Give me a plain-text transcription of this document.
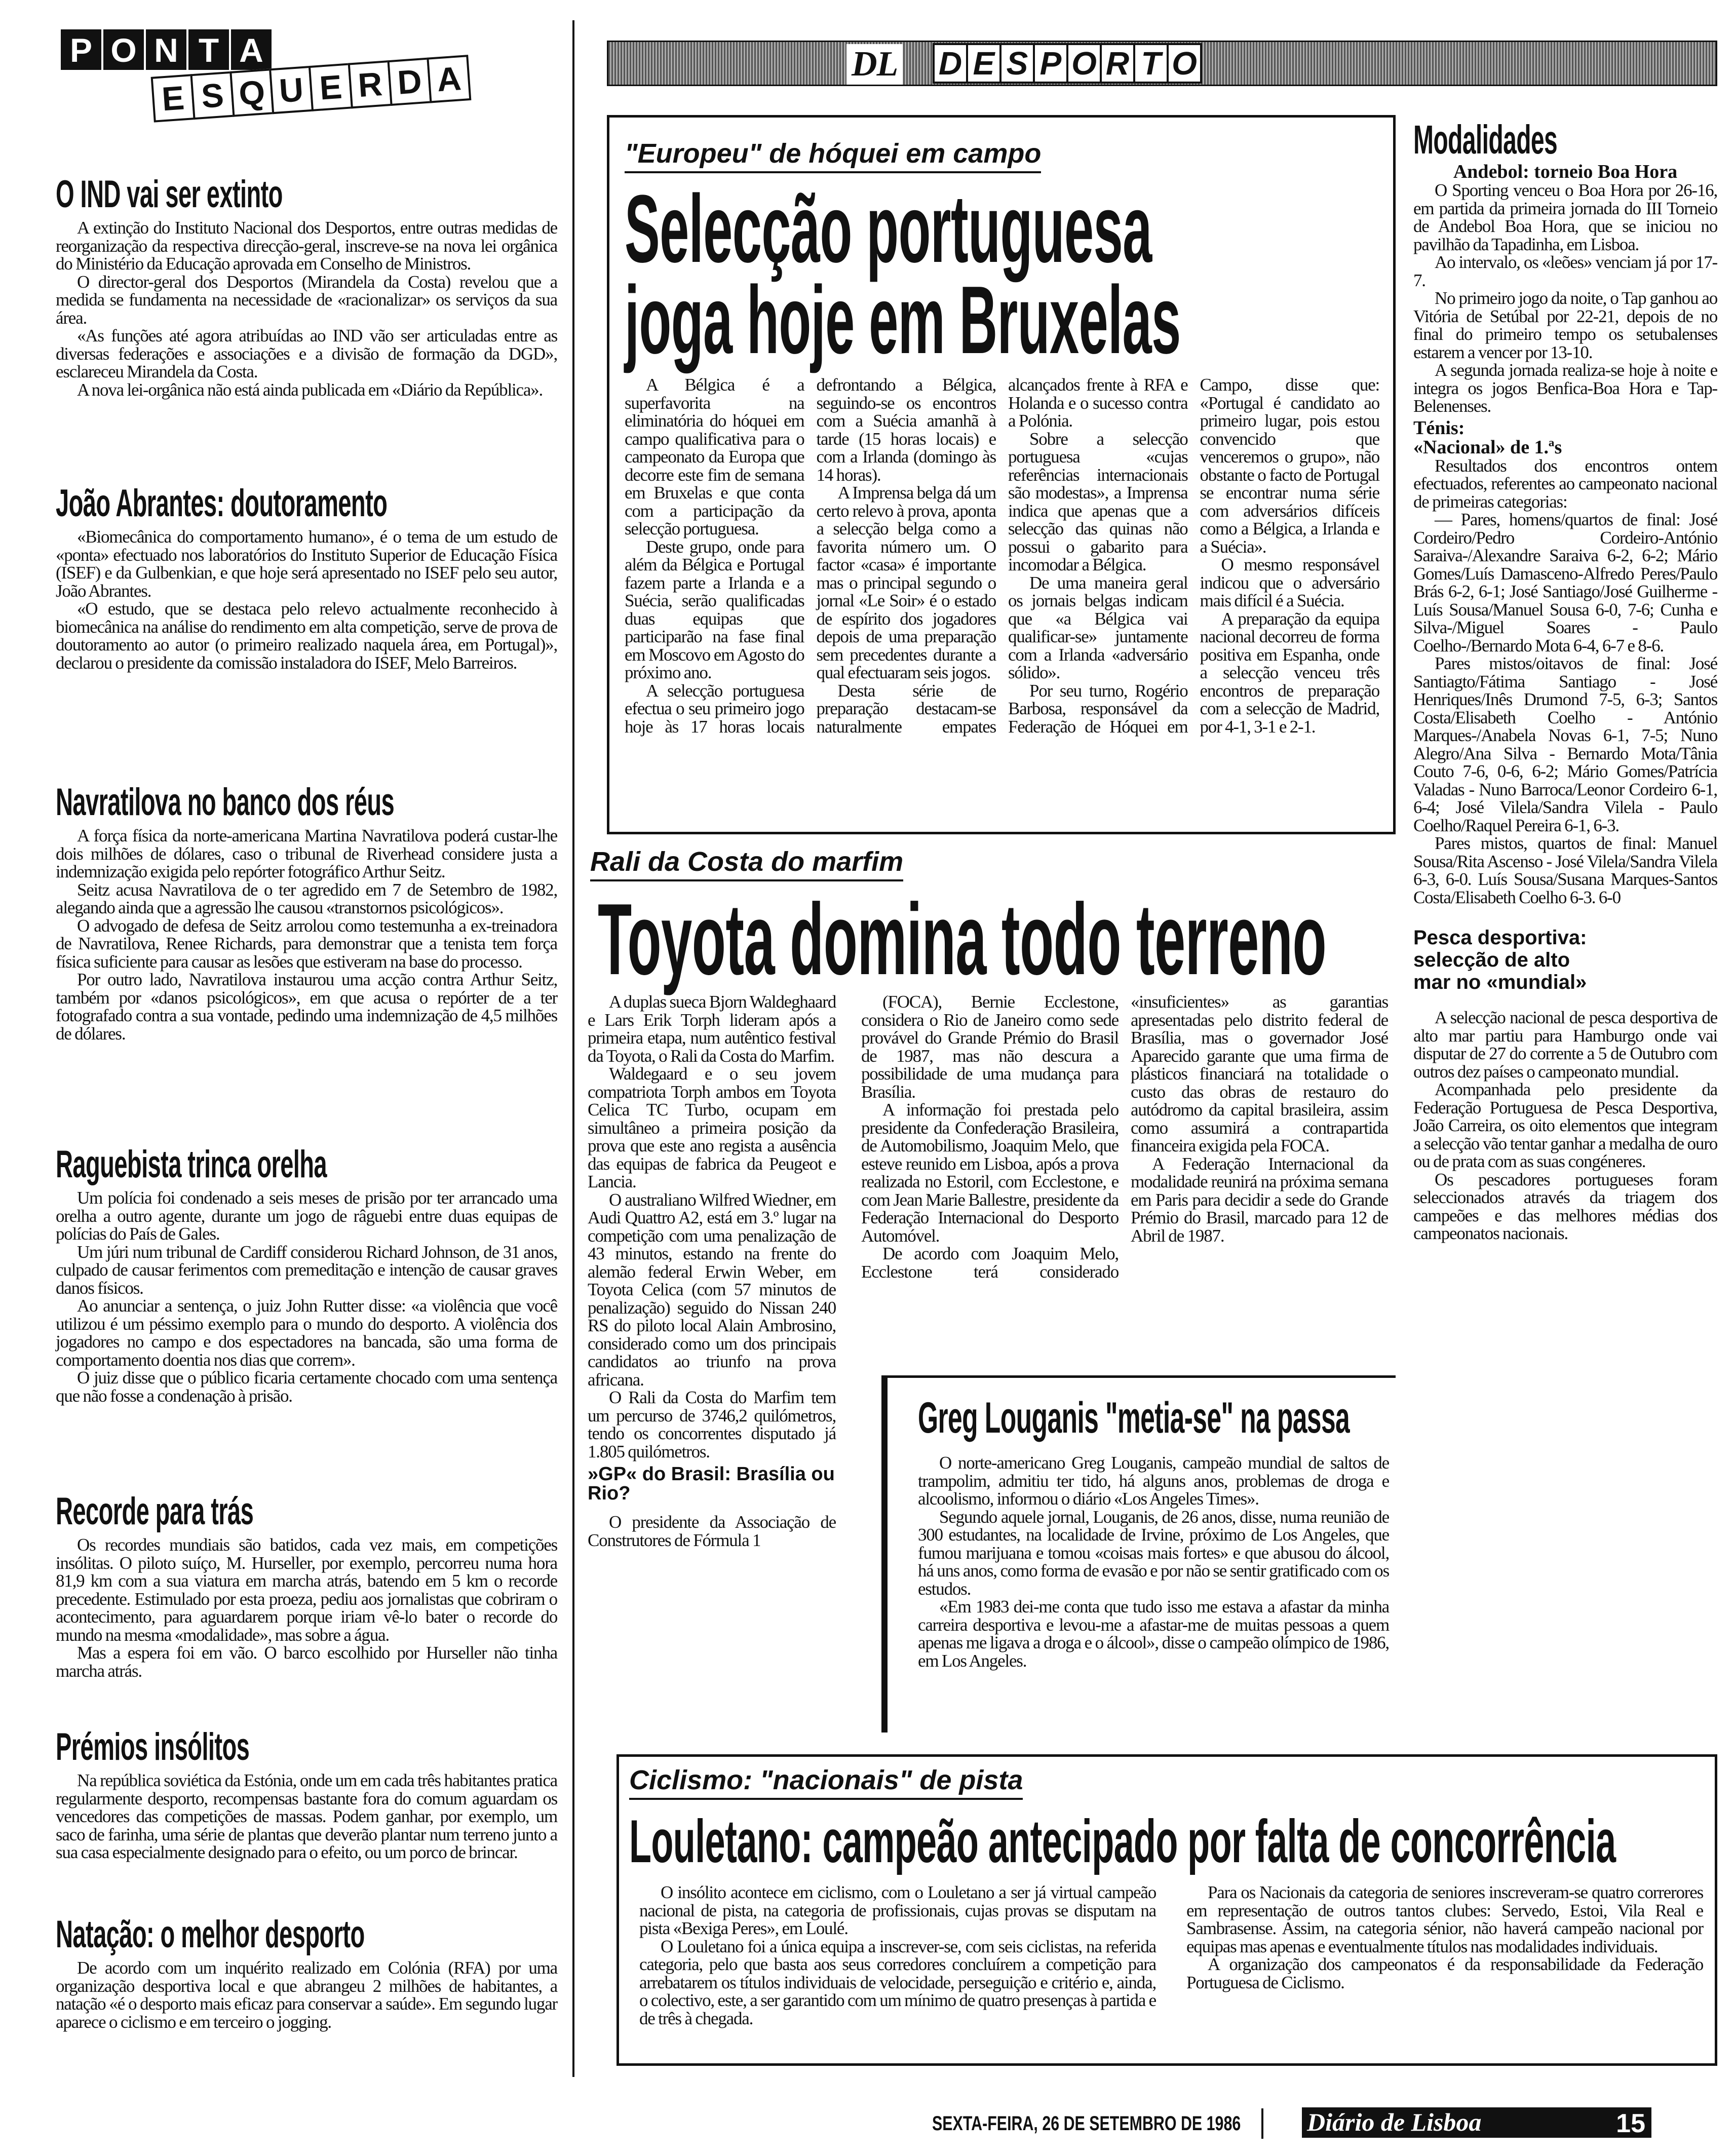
P O N T A
E S Q U E R D A	DL D E S P O R T O
O IND vai ser extinto

A extinção do Instituto Nacional dos Desportos, entre outras medidas de reorganização da respectiva direcção-geral, inscreve-se na nova lei orgânica do Ministério da Educação aprovada em Conselho de Ministros.

O director-geral dos Desportos (Mirandela da Costa) revelou que a medida se fundamenta na necessidade de «racionalizar» os serviços da sua área.

«As funções até agora atribuídas ao IND vão ser articuladas entre as diversas federações e associações e a divisão de formação da DGD», esclareceu Mirandela da Costa.

A nova lei-orgânica não está ainda publicada em «Diário da República».

João Abrantes: doutoramento

«Biomecânica do comportamento humano», é o tema de um estudo de «ponta» efectuado nos laboratórios do Instituto Superior de Educação Física (ISEF) e da Gulbenkian, e que hoje será apresentado no ISEF pelo seu autor, João Abrantes.

«O estudo, que se destaca pelo relevo actualmente reconhecido à biomecânica na análise do rendimento em alta competição, serve de prova de doutoramento ao autor (o primeiro realizado naquela área, em Portugal)», declarou o presidente da comissão instaladora do ISEF, Melo Barreiros.

Navratilova no banco dos réus

A força física da norte-americana Martina Navratilova poderá custar-lhe dois milhões de dólares, caso o tribunal de Riverhead considere justa a indemnização exigida pelo repórter fotográfico Arthur Seitz.

Seitz acusa Navratilova de o ter agredido em 7 de Setembro de 1982, alegando ainda que a agressão lhe causou «transtornos psicológicos».

O advogado de defesa de Seitz arrolou como testemunha a ex-treinadora de Navratilova, Renee Richards, para demonstrar que a tenista tem força física suficiente para causar as lesões que estiveram na base do processo.

Por outro lado, Navratilova instaurou uma acção contra Arthur Seitz, também por «danos psicológicos», em que acusa o repórter de a ter fotografado contra a sua vontade, pedindo uma indemnização de 4,5 milhões de dólares.

Raguebista trinca orelha

Um polícia foi condenado a seis meses de prisão por ter arrancado uma orelha a outro agente, durante um jogo de râguebi entre duas equipas de polícias do País de Gales.

Um júri num tribunal de Cardiff considerou Richard Johnson, de 31 anos, culpado de causar ferimentos com premeditação e intenção de causar graves danos físicos.

Ao anunciar a sentença, o juiz John Rutter disse: «a violência que você utilizou é um péssimo exemplo para o mundo do desporto. A violência dos jogadores no campo e dos espectadores na bancada, são uma forma de comportamento doentia nos dias que correm».

O juiz disse que o público ficaria certamente chocado com uma sentença que não fosse a condenação à prisão.

Recorde para trás

Os recordes mundiais são batidos, cada vez mais, em competições insólitas. O piloto suíço, M. Hurseller, por exemplo, percorreu numa hora 81,9 km com a sua viatura em marcha atrás, batendo em 5 km o recorde precedente. Estimulado por esta proeza, pediu aos jornalistas que cobriram o acontecimento, para aguardarem porque iriam vê-lo bater o recorde do mundo na mesma «modalidade», mas sobre a água.

Mas a espera foi em vão. O barco escolhido por Hurseller não tinha marcha atrás.

Prémios insólitos

Na república soviética da Estónia, onde um em cada três habitantes pratica regularmente desporto, recompensas bastante fora do comum aguardam os vencedores das competições de massas. Podem ganhar, por exemplo, um saco de farinha, uma série de plantas que deverão plantar num terreno junto a sua casa especialmente designado para o efeito, ou um porco de brincar.

Natação: o melhor desporto

De acordo com um inquérito realizado em Colónia (RFA) por uma organização desportiva local e que abrangeu 2 milhões de habitantes, a natação «é o desporto mais eficaz para conservar a saúde». Em segundo lugar aparece o ciclismo e em terceiro o jogging.

"Europeu" de hóquei em campo
Selecção portuguesa
joga hoje em Bruxelas

A Bélgica é a superfavorita na eliminatória do hóquei em campo qualificativa para o campeonato da Europa que decorre este fim de semana em Bruxelas e que conta com a participação da selecção portuguesa.

Deste grupo, onde para além da Bélgica e Portugal fazem parte a Irlanda e a Suécia, serão qualificadas duas equipas que participarão na fase final em Moscovo em Agosto do próximo ano.

A selecção portuguesa efectua o seu primeiro jogo hoje às 17 horas locais defrontando a Bélgica, seguindo-se os encontros com a Suécia amanhã à tarde (15 horas locais) e com a Irlanda (domingo às 14 horas).

A Imprensa belga dá um certo relevo à prova, aponta a selecção belga como a favorita número um. O factor «casa» é importante mas o principal segundo o jornal «Le Soir» é o estado de espírito dos jogadores depois de uma preparação sem precedentes durante a qual efectuaram seis jogos.

Desta série de preparação destacam-se naturalmente empates alcançados frente à RFA e Holanda e o sucesso contra a Polónia.

Sobre a selecção portuguesa «cujas referências internacionais são modestas», a Imprensa indica que apenas que a selecção das quinas não possui o gabarito para incomodar a Bélgica.

De uma maneira geral os jornais belgas indicam que «a Bélgica vai qualificar-se» juntamente com a Irlanda «adversário sólido».

Por seu turno, Rogério Barbosa, responsável da Federação de Hóquei em Campo, disse que: «Portugal é candidato ao primeiro lugar, pois estou convencido que venceremos o grupo», não obstante o facto de Portugal se encontrar numa série com adversários difíceis como a Bélgica, a Irlanda e a Suécia».

O mesmo responsável indicou que o adversário mais difícil é a Suécia.

A preparação da equipa nacional decorreu de forma positiva em Espanha, onde a selecção venceu três encontros de preparação com a selecção de Madrid, por 4-1, 3-1 e 2-1.

Modalidades
Andebol: torneio Boa Hora

O Sporting venceu o Boa Hora por 26-16, em partida da primeira jornada do III Torneio de Andebol Boa Hora, que se iniciou no pavilhão da Tapadinha, em Lisboa.

Ao intervalo, os «leões» venciam já por 17-7.

No primeiro jogo da noite, o Tap ganhou ao Vitória de Setúbal por 22-21, depois de no final do primeiro tempo os setubalenses estarem a vencer por 13-10.

A segunda jornada realiza-se hoje à noite e integra os jogos Benfica-Boa Hora e Tap-Belenenses.

Ténis:
«Nacional» de 1.ªs

Resultados dos encontros ontem efectuados, referentes ao campeonato nacional de primeiras categorias:

— Pares, homens/quartos de final: José Cordeiro/Pedro Cordeiro-António Saraiva-/Alexandre Saraiva 6-2, 6-2; Mário Gomes/Luís Damasceno-Alfredo Peres/Paulo Brás 6-2, 6-1; José Santiago/José Guilherme - Luís Sousa/Manuel Sousa 6-0, 7-6; Cunha e Silva-/Miguel Soares - Paulo Coelho-/Bernardo Mota 6-4, 6-7 e 8-6.

Pares mistos/oitavos de final: José Santiagto/Fátima Santiago - José Henriques/Inês Drumond 7-5, 6-3; Santos Costa/Elisabeth Coelho - António Marques-/Anabela Novas 6-1, 7-5; Nuno Alegro/Ana Silva - Bernardo Mota/Tânia Couto 7-6, 0-6, 6-2; Mário Gomes/Patrícia Valadas - Nuno Barroca/Leonor Cordeiro 6-1, 6-4; José Vilela/Sandra Vilela - Paulo Coelho/Raquel Pereira 6-1, 6-3.

Pares mistos, quartos de final: Manuel Sousa/Rita Ascenso - José Vilela/Sandra Vilela 6-3, 6-0. Luís Sousa/Susana Marques-Santos Costa/Elisabeth Coelho 6-3. 6-0

Pesca desportiva: selecção de alto mar no «mundial»

A selecção nacional de pesca desportiva de alto mar partiu para Hamburgo onde vai disputar de 27 do corrente a 5 de Outubro com outros dez países o campeonato mundial.

Acompanhada pelo presidente da Federação Portuguesa de Pesca Desportiva, João Carreira, os oito elementos que integram a selecção vão tentar ganhar a medalha de ouro ou de prata com as suas congéneres.

Os pescadores portugueses foram seleccionados através da triagem dos campeões e das melhores médias dos campeonatos nacionais.

Rali da Costa do marfim
Toyota domina todo terreno

A duplas sueca Bjorn Waldeghaard e Lars Erik Torph lideram após a primeira etapa, num autêntico festival da Toyota, o Rali da Costa do Marfim.

Waldegaard e o seu jovem compatriota Torph ambos em Toyota Celica TC Turbo, ocupam em simultâneo a primeira posição da prova que este ano regista a ausência das equipas de fabrica da Peugeot e Lancia.

O australiano Wilfred Wiedner, em Audi Quattro A2, está em 3.º lugar na competição com uma penalização de 43 minutos, estando na frente do alemão federal Erwin Weber, em Toyota Celica (com 57 minutos de penalização) seguido do Nissan 240 RS do piloto local Alain Ambrosino, considerado como um dos principais candidatos ao triunfo na prova africana.

O Rali da Costa do Marfim tem um percurso de 3746,2 quilómetros, tendo os concorrentes disputado já 1.805 quilómetros.

»GP« do Brasil: Brasília ou Rio?

O presidente da Associação de Construtores de Fórmula 1

(FOCA), Bernie Ecclestone, considera o Rio de Janeiro como sede provável do Grande Prémio do Brasil de 1987, mas não descura a possibilidade de uma mudança para Brasília.

A informação foi prestada pelo presidente da Confederação Brasileira, de Automobilismo, Joaquim Melo, que esteve reunido em Lisboa, após a prova realizada no Estoril, com Ecclestone, e com Jean Marie Ballestre, presidente da Federação Internacional do Desporto Automóvel.

De acordo com Joaquim Melo, Ecclestone terá considerado «insuficientes» as garantias apresentadas pelo distrito federal de Brasília, mas o governador José Aparecido garante que uma firma de plásticos financiará na totalidade o custo das obras de restauro do autódromo da capital brasileira, assim como assumirá a contrapartida financeira exigida pela FOCA.

A Federação Internacional da modalidade reunirá na próxima semana em Paris para decidir a sede do Grande Prémio do Brasil, marcado para 12 de Abril de 1987.

Greg Louganis "metia-se" na passa

O norte-americano Greg Louganis, campeão mundial de saltos de trampolim, admitiu ter tido, há alguns anos, problemas de droga e alcoolismo, informou o diário «Los Angeles Times».

Segundo aquele jornal, Louganis, de 26 anos, disse, numa reunião de 300 estudantes, na localidade de Irvine, próximo de Los Angeles, que fumou marijuana e tomou «coisas mais fortes» e que abusou do álcool, há uns anos, como forma de evasão e por não se sentir gratificado com os estudos.

«Em 1983 dei-me conta que tudo isso me estava a afastar da minha carreira desportiva e levou-me a afastar-me de muitas pessoas a quem apenas me ligava a droga e o álcool», disse o campeão olímpico de 1986, em Los Angeles.

Ciclismo: "nacionais" de pista
Louletano: campeão antecipado por falta de concorrência

O insólito acontece em ciclismo, com o Louletano a ser já virtual campeão nacional de pista, na categoria de profissionais, cujas provas se disputam na pista «Bexiga Peres», em Loulé.

O Louletano foi a única equipa a inscrever-se, com seis ciclistas, na referida categoria, pelo que basta aos seus corredores concluírem a competição para arrebatarem os títulos individuais de velocidade, perseguição e critério e, ainda, o colectivo, este, a ser garantido com um mínimo de quatro presenças à partida e de três à chegada.

Para os Nacionais da categoria de seniores inscreveram-se quatro correrores em representação de outros tantos clubes: Servedo, Estoi, Vila Real e Sambrasense. Assim, na categoria sénior, não haverá campeão nacional por equipas mas apenas e eventualmente títulos nas modalidades individuais.

A organização dos campeonatos é da responsabilidade da Federação Portuguesa de Ciclismo.

SEXTA-FEIRA, 26 DE SETEMBRO DE 1986	Diário de Lisboa	15
